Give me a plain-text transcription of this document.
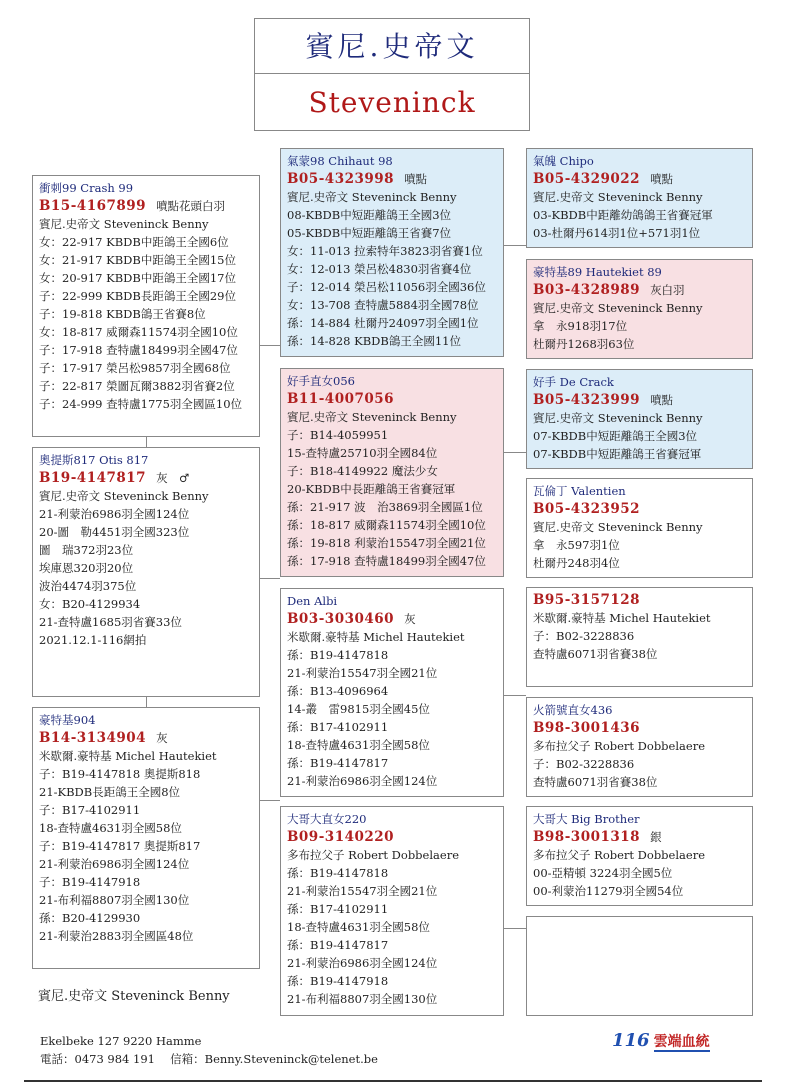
賓尼.史帝文
Steveninck
衝刺99 Crash 99
B15-4167899 噴點花頭白羽
賓尼.史帝文 Steveninck Benny
女：22-917 KBDB中距鴿王全國6位
女：21-917 KBDB中距鴿王全國15位
女：20-917 KBDB中距鴿王全國17位
子：22-999 KBDB長距鴿王全國29位
子：19-818 KBDB鴿王省賽8位
女：18-817 威爾森11574羽全國10位
子：17-918 查特盧18499羽全國47位
子：17-917 榮呂松9857羽全國68位
子：22-817 榮圖瓦爾3882羽省賽2位
子：24-999 查特盧1775羽全國區10位
奧提斯817 Otis 817
B19-4147817 灰　♂
賓尼.史帝文 Steveninck Benny
21-利蒙治6986羽全國124位
20-圖　勒4451羽全國323位
圖　瑞372羽23位
埃庫恩320羽20位
波治4474羽375位
女：B20-4129934
21-查特盧1685羽省賽33位
2021.12.1-116網拍
豪特基904
B14-3134904 灰
米歇爾.豪特基 Michel Hautekiet
子：B19-4147818 奧提斯818
21-KBDB長距鴿王全國8位
子：B17-4102911
18-查特盧4631羽全國58位
子：B19-4147817 奧提斯817
21-利蒙治6986羽全國124位
子：B19-4147918
21-布利福8807羽全國130位
孫：B20-4129930
21-利蒙治2883羽全國區48位
氣蒙98 Chihaut 98
B05-4323998 噴點
賓尼.史帝文 Steveninck Benny
08-KBDB中短距離鴿王全國3位
05-KBDB中短距離鴿王省賽7位
女：11-013 拉索特年3823羽省賽1位
女：12-013 榮呂松4830羽省賽4位
子：12-014 榮呂松11056羽全國36位
女：13-708 查特盧5884羽全國78位
孫：14-884 杜爾丹24097羽全國1位
孫：14-828 KBDB鴿王全國11位
好手直女056
B11-4007056
賓尼.史帝文 Steveninck Benny
子：B14-4059951
15-查特盧25710羽全國84位
子：B18-4149922 魔法少女
20-KBDB中長距離鴿王省賽冠軍
孫：21-917 波　治3869羽全國區1位
孫：18-817 威爾森11574羽全國10位
孫：19-818 利蒙治15547羽全國21位
孫：17-918 查特盧18499羽全國47位
Den Albi
B03-3030460 灰
米歇爾.豪特基 Michel Hautekiet
孫：B19-4147818
21-利蒙治15547羽全國21位
孫：B13-4096964
14-叢　雷9815羽全國45位
孫：B17-4102911
18-查特盧4631羽全國58位
孫：B19-4147817
21-利蒙治6986羽全國124位
大哥大直女220
B09-3140220
多布拉父子 Robert Dobbelaere
孫：B19-4147818
21-利蒙治15547羽全國21位
孫：B17-4102911
18-查特盧4631羽全國58位
孫：B19-4147817
21-利蒙治6986羽全國124位
孫：B19-4147918
21-布利福8807羽全國130位
氣魄 Chipo
B05-4329022 噴點
賓尼.史帝文 Steveninck Benny
03-KBDB中距離幼鴿鴿王省賽冠軍
03-杜爾丹614羽1位+571羽1位
豪特基89 Hautekiet 89
B03-4328989 灰白羽
賓尼.史帝文 Steveninck Benny
拿　永918羽17位
杜爾丹1268羽63位
好手 De Crack
B05-4323999 噴點
賓尼.史帝文 Steveninck Benny
07-KBDB中短距離鴿王全國3位
07-KBDB中短距離鴿王省賽冠軍
瓦倫丁 Valentien
B05-4323952
賓尼.史帝文 Steveninck Benny
拿　永597羽1位
杜爾丹248羽4位
B95-3157128
米歇爾.豪特基 Michel Hautekiet
子：B02-3228836
查特盧6071羽省賽38位
火箭號直女436
B98-3001436
多布拉父子 Robert Dobbelaere
子：B02-3228836
查特盧6071羽省賽38位
大哥大 Big Brother
B98-3001318 銀
多布拉父子 Robert Dobbelaere
00-亞精頓 3224羽全國5位
00-利蒙治11279羽全國54位
賓尼.史帝文 Steveninck Benny
Ekelbeke 127 9220 Hamme
電話：0473 984 191　 信箱：Benny.Steveninck@telenet.be
116 雲端血統
